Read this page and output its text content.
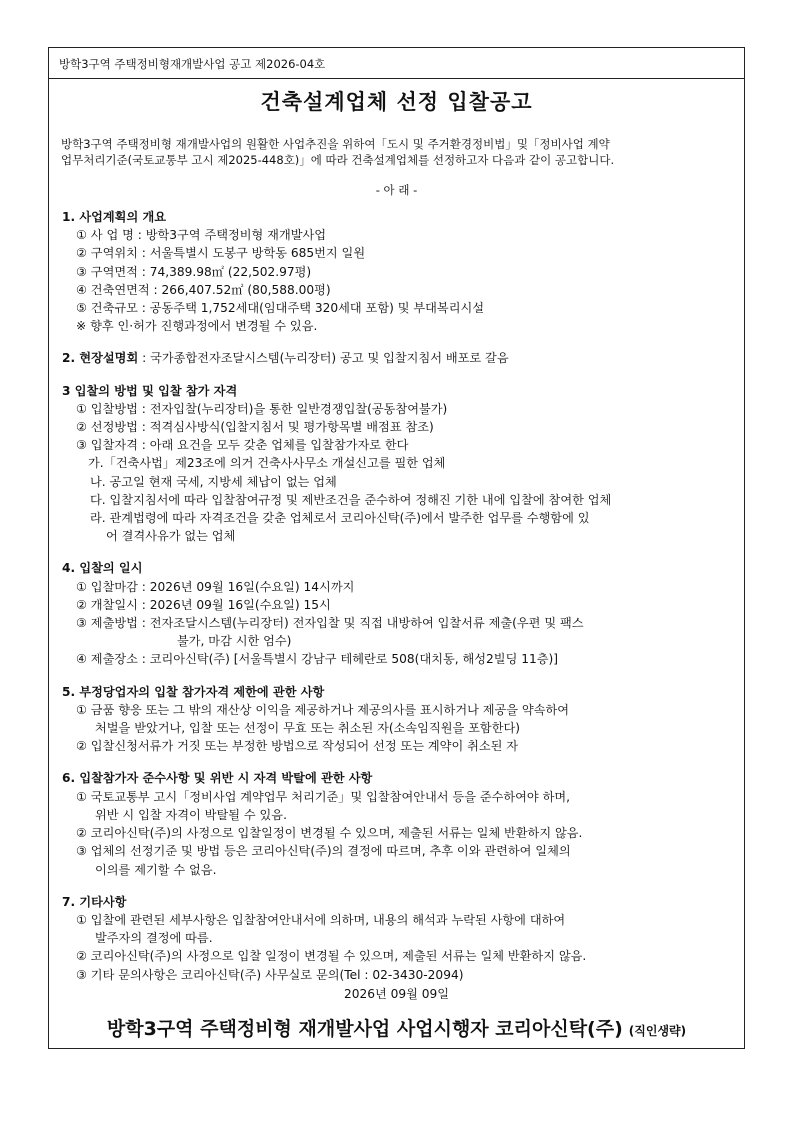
방학3구역 주택정비형재개발사업 공고 제2026-04호
건축설계업체 선정 입찰공고
방학3구역 주택정비형 재개발사업의 원활한 사업추진을 위하여「도시 및 주거환경정비법」및「정비사업 계약
업무처리기준(국토교통부 고시 제2025-448호)」에 따라 건축설계업체를 선정하고자 다음과 같이 공고합니다.
- 아 래 -
1. 사업계획의 개요
① 사 업 명 : 방학3구역 주택정비형 재개발사업
② 구역위치 : 서울특별시 도봉구 방학동 685번지 일원
③ 구역면적 : 74,389.98㎡ (22,502.97평)
④ 건축연면적 : 266,407.52㎡ (80,588.00평)
⑤ 건축규모 : 공동주택 1,752세대(임대주택 320세대 포함) 및 부대복리시설
※ 향후 인·허가 진행과정에서 변경될 수 있음.
2. 현장설명회 : 국가종합전자조달시스템(누리장터) 공고 및 입찰지침서 배포로 갈음
3 입찰의 방법 및 입찰 참가 자격
① 입찰방법 : 전자입찰(누리장터)을 통한 일반경쟁입찰(공동참여불가)
② 선정방법 : 적격심사방식(입찰지침서 및 평가항목별 배점표 참조)
③ 입찰자격 : 아래 요건을 모두 갖춘 업체를 입찰참가자로 한다
가.「건축사법」제23조에 의거 건축사사무소 개설신고를 필한 업체
나. 공고일 현재 국세, 지방세 체납이 없는 업체
다. 입찰지침서에 따라 입찰참여규정 및 제반조건을 준수하여 정해진 기한 내에 입찰에 참여한 업체
라. 관계법령에 따라 자격조건을 갖춘 업체로서 코리아신탁(주)에서 발주한 업무를 수행함에 있
어 결격사유가 없는 업체
4. 입찰의 일시
① 입찰마감 : 2026년 09월 16일(수요일) 14시까지
② 개찰일시 : 2026년 09월 16일(수요일) 15시
③ 제출방법 : 전자조달시스템(누리장터) 전자입찰 및 직접 내방하여 입찰서류 제출(우편 및 팩스
불가, 마감 시한 엄수)
④ 제출장소 : 코리아신탁(주) [서울특별시 강남구 테헤란로 508(대치동, 해성2빌딩 11층)]
5. 부정당업자의 입찰 참가자격 제한에 관한 사항
① 금품 향응 또는 그 밖의 재산상 이익을 제공하거나 제공의사를 표시하거나 제공을 약속하여
처벌을 받았거나, 입찰 또는 선정이 무효 또는 취소된 자(소속임직원을 포함한다)
② 입찰신청서류가 거짓 또는 부정한 방법으로 작성되어 선정 또는 계약이 취소된 자
6. 입찰참가자 준수사항 및 위반 시 자격 박탈에 관한 사항
① 국토교통부 고시「정비사업 계약업무 처리기준」및 입찰참여안내서 등을 준수하여야 하며,
위반 시 입찰 자격이 박탈될 수 있음.
② 코리아신탁(주)의 사정으로 입찰일정이 변경될 수 있으며, 제출된 서류는 일체 반환하지 않음.
③ 업체의 선정기준 및 방법 등은 코리아신탁(주)의 결정에 따르며, 추후 이와 관련하여 일체의
이의를 제기할 수 없음.
7. 기타사항
① 입찰에 관련된 세부사항은 입찰참여안내서에 의하며, 내용의 해석과 누락된 사항에 대하여
발주자의 결정에 따름.
② 코리아신탁(주)의 사정으로 입찰 일정이 변경될 수 있으며, 제출된 서류는 일체 반환하지 않음.
③ 기타 문의사항은 코리아신탁(주) 사무실로 문의(Tel : 02-3430-2094)
2026년 09월 09일
방학3구역 주택정비형 재개발사업 사업시행자 코리아신탁(주) (직인생략)
